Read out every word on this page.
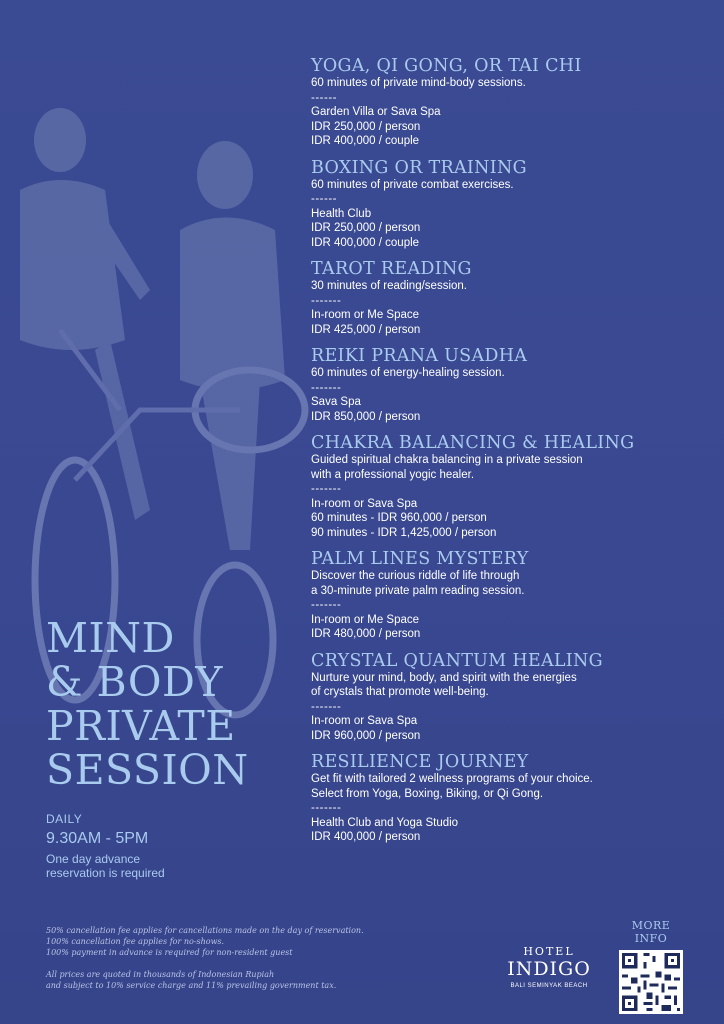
YOGA, QI GONG, OR TAI CHI
60 minutes of private mind-body sessions.
------
Garden Villa or Sava Spa
IDR 250,000 / person
IDR 400,000 / couple
BOXING OR TRAINING
60 minutes of private combat exercises.
------
Health Club
IDR 250,000 / person
IDR 400,000 / couple
TAROT READING
30 minutes of reading/session.
-------
In-room or Me Space
IDR 425,000 / person
REIKI PRANA USADHA
60 minutes of energy-healing session.
-------
Sava Spa
IDR 850,000 / person
CHAKRA BALANCING & HEALING
Guided spiritual chakra balancing in a private session
with a professional yogic healer.
-------
In-room or Sava Spa
60 minutes - IDR 960,000 / person
90 minutes - IDR 1,425,000 / person
PALM LINES MYSTERY
Discover the curious riddle of life through
a 30-minute private palm reading session.
-------
In-room or Me Space
IDR 480,000 / person
CRYSTAL QUANTUM HEALING
Nurture your mind, body, and spirit with the energies
of crystals that promote well-being.
-------
In-room or Sava Spa
IDR 960,000 / person
RESILIENCE JOURNEY
Get fit with tailored 2 wellness programs of your choice.
Select from Yoga, Boxing, Biking, or Qi Gong.
-------
Health Club and Yoga Studio
IDR 400,000 / person
MIND
& BODY
PRIVATE
SESSION
DAILY
9.30AM - 5PM
One day advance
reservation is required
50% cancellation fee applies for cancellations made on the day of reservation.
100% cancellation fee applies for no-shows.
100% payment in advance is required for non-resident guest
All prices are quoted in thousands of Indonesian Rupiah
and subject to 10% service charge and 11% prevailing government tax.
HOTEL
INDIGO
BALI SEMINYAK BEACH
MORE INFO
